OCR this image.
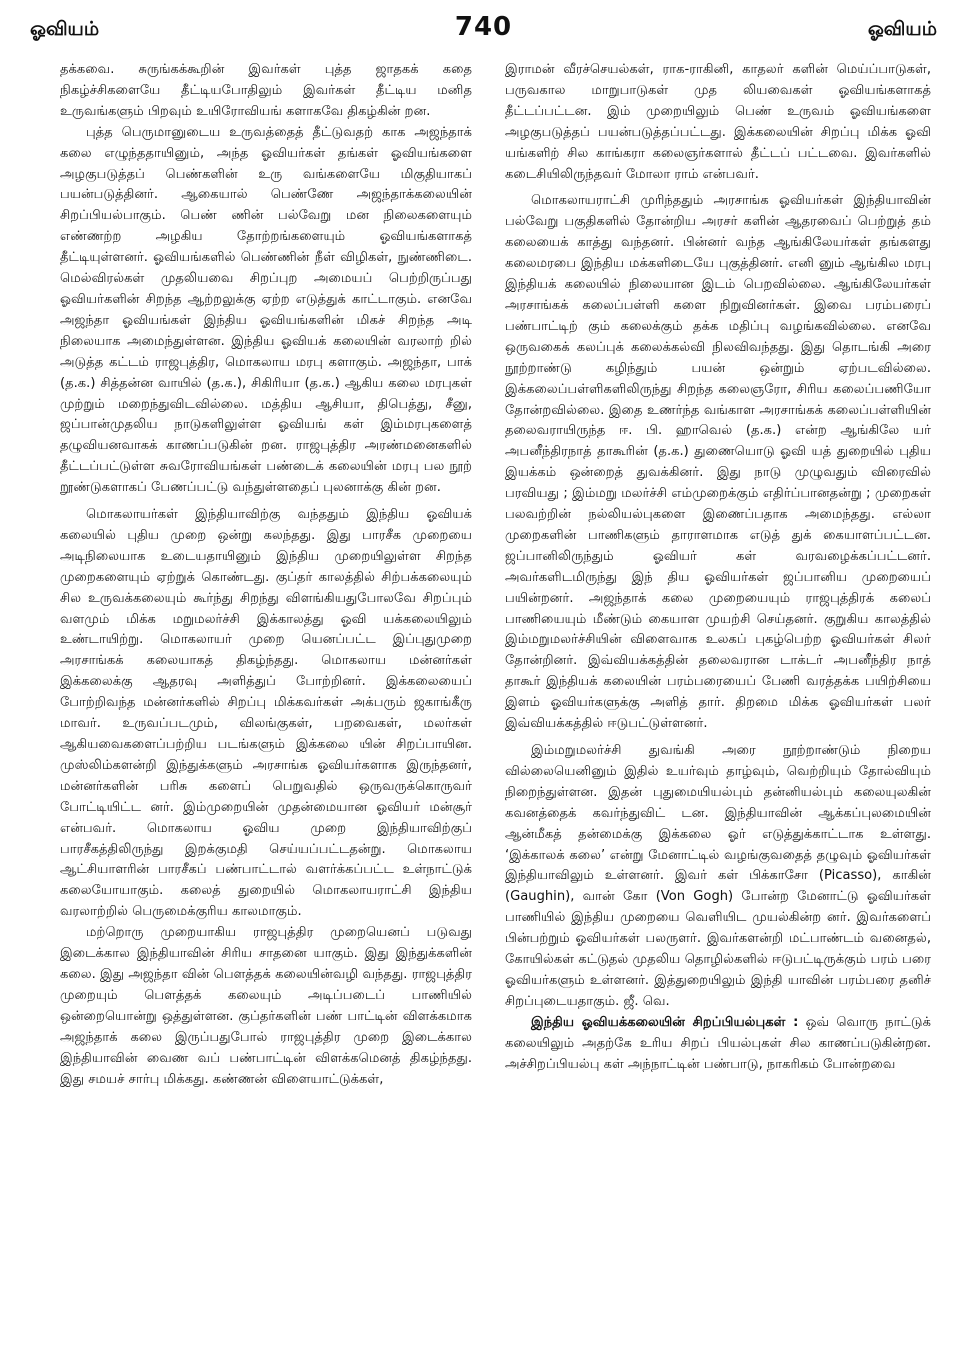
ஓவியம்	740	ஓவியம்

தக்கவை. சுருங்கக்கூறின் இவர்கள் புத்த ஜாதகக் கதை நிகழ்ச்சிகளையே தீட்டியபோதிலும் இவர்கள் தீட்டிய மனித உருவங்களும் பிறவும் உயிரோவியங் களாகவே திகழ்கின் றன.

புத்த பெருமானுடைய உருவத்தைத் தீட்டுவதற் காக அஜந்தாக் கலை எழுந்ததாயினும், அந்த ஓவியர்கள் தங்கள் ஓவியங்களை அழகுபடுத்தப் பெண்களின் உரு வங்களையே மிகுதியாகப் பயன்படுத்தினர். ஆகையால் பெண்ணே அஜந்தாக்கலையின் சிறப்பியல்பாகும். பெண் ணின் பல்வேறு மன நிலைகளையும் எண்ணற்ற அழகிய தோற்றங்களையும் ஓவியங்களாகத் தீட்டியுள்ளனர். ஓவியங்களில் பெண்ணின் நீள் விழிகள், நுண்ணிடை. மெல்விரல்கள் முதலியவை சிறப்புற அமையப் பெற்றிருப்பது ஓவியர்களின் சிறந்த ஆற்றலுக்கு ஏற்ற எடுத்துக் காட்டாகும். எனவே அஜந்தா ஓவியங்கள் இந்திய ஓவியங்களின் மிகச் சிறந்த அடி நிலையாக அமைந்துள்ளன. இந்திய ஓவியக் கலையின் வரலாற் றில் அடுத்த கட்டம் ராஜபுத்திர, மொகலாய மரபு களாகும். அஜந்தா, பாக் (த.க.) சித்தன்ன வாயில் (த.க.), சிகிரியா (த.க.) ஆகிய கலை மரபுகள் முற்றும் மறைந்துவிடவில்லை. மத்திய ஆசியா, திபெத்து, சீனு, ஜப்பான்முதலிய நாடுகளிலுள்ள ஓவியங் கள் இம்மரபுகளைத் தழுவியனவாகக் காணப்படுகின் றன. ராஜபுத்திர அரண்மனைகளில் தீட்டப்பட்டுள்ள சுவரோவியங்கள் பண்டைக் கலையின் மரபு பல நூற் றூண்டுகளாகப் பேணப்பட்டு வந்துள்ளதைப் புலனாக்கு கின் றன.

மொகலாயர்கள் இந்தியாவிற்கு வந்ததும் இந்திய ஓவியக் கலையில் புதிய முறை ஒன்று கலந்தது. இது பாரசீக முறையை அடிநிலையாக உடையதாயினும் இந்திய முறையிலுள்ள சிறந்த முறைகளையும் ஏற்றுக் கொண்டது. குப்தர் காலத்தில் சிற்பக்கலையும் சில உருவக்கலையும் கூர்ந்து சிறந்து விளங்கியதுபோலவே சிறப்பும் வளமும் மிக்க மறுமலர்ச்சி இக்காலத்து ஓவி யக்கலையிலும் உண்டாயிற்று. மொகலாயர் முறை யெனப்பட்ட இப்புதுமுறை அரசாங்கக் கலையாகத் திகழ்ந்தது. மொகலாய மன்னர்கள் இக்கலைக்கு ஆதரவு அளித்துப் போற்றினர். இக்கலையைப் போற்றிவந்த மன்னர்களில் சிறப்பு மிக்கவர்கள் அக்பரும் ஜகாங்கீரு மாவர். உருவப்படமும், விலங்குகள், பறவைகள், மலர்கள் ஆகியவைகளைப்பற்றிய படங்களும் இக்கலை யின் சிறப்பாயின. முஸ்லிம்களன்றி இந்துக்களும் அரசாங்க ஓவியர்களாக இருந்தனர், மன்னர்களின் பரிசு களைப் பெறுவதில் ஒருவருக்கொருவர் போட்டியிட்ட னர். இம்முறையின் முதன்மையான ஓவியர் மன்சூர் என்பவர். மொகலாய ஓவிய முறை இந்தியாவிற்குப் பாரசீகத்திலிருந்து இறக்குமதி செய்யப்பட்டதன்று. மொகலாய ஆட்சியாளரின் பாரசீகப் பண்பாட்டால் வளர்க்கப்பட்ட உள்நாட்டுக் கலையோயாகும். கலைத் துறையில் மொகலாயராட்சி இந்திய வரலாற்றில் பெருமைக்குரிய காலமாகும்.

மற்றொரு முறையாகிய ராஜபுத்திர முறையெனப் படுவது இடைக்கால இந்தியாவின் சிரிய சாதனை யாகும். இது இந்துக்களின் கலை. இது அஜந்தா வின் பௌத்தக் கலையின்வழி வந்தது. ராஜபுத்திர முறையும் பௌத்தக் கலையும் அடிப்படைப் பாணியில் ஒன்றையொன்று ஒத்துள்ளன. குப்தர்களின் பண் பாட்டின் விளக்கமாக அஜந்தாக் கலை இருப்பதுபோல் ராஜபுத்திர முறை இடைக்கால இந்தியாவின் வைண வப் பண்பாட்டின் விளக்கமெனத் திகழ்ந்தது. இது சமயச் சார்பு மிக்கது. கண்ணன் விளையாட்டுக்கள்,

இராமன் வீரச்செயல்கள், ராக-ராகினி, காதலர் களின் மெய்ப்பாடுகள், பருவகால மாறுபாடுகள் முத லியவைகள் ஓவியங்களாகத் தீட்டப்பட்டன. இம் முறையிலும் பெண் உருவம் ஓவியங்களை அழகுபடுத்தப் பயன்படுத்தப்பட்டது. இக்கலையின் சிறப்பு மிக்க ஓவி யங்களிற் சில காங்கரா கலைஞர்களால் தீட்டப் பட்டவை. இவர்களில் கடைசியிலிருந்தவர் மோலா ராம் என்பவர்.

மொகலாயராட்சி முரிந்ததும் அரசாங்க ஓவியர்கள் இந்தியாவின் பல்வேறு பகுதிகளில் தோன்றிய அரசர் களின் ஆதரவைப் பெற்றுத் தம் கலையைக் காத்து வந்தனர். பின்னர் வந்த ஆங்கிலேயர்கள் தங்களது கலைமரபை இந்திய மக்களிடையே புகுத்தினர். எனி னும் ஆங்கில மரபு இந்தியக் கலையில் நிலையான இடம் பெறவில்லை. ஆங்கிலேயர்கள் அரசாங்கக் கலைப்பள்ளி களை நிறுவினர்கள். இவை பரம்பரைப் பண்பாட்டிற் கும் கலைக்கும் தக்க மதிப்பு வழங்கவில்லை. எனவே ஒருவகைக் கலப்புக் கலைக்கல்வி நிலவிவந்தது. இது தொடங்கி அரை நூற்றாண்டு கழிந்தும் பயன் ஒன்றும் ஏற்படவில்லை. இக்கலைப்பள்ளிகளிலிருந்து சிறந்த கலைஞரோ, சிரிய கலைப்பணியோ தோன்றவில்லை. இதை உணர்ந்த வங்காள அரசாங்கக் கலைப்பள்ளியின் தலைவராயிருந்த ஈ. பி. ஹாவெல் (த.க.) என்ற ஆங்கிலே யர் அபனீந்திரநாத் தாகூரின் (த.க.) துணையொடு ஓவி யத் துறையில் புதிய இயக்கம் ஒன்றைத் துவக்கினர். இது நாடு முழுவதும் விரைவில் பரவியது ; இம்மறு மலர்ச்சி எம்முறைக்கும் எதிர்ப்பானதன்று ; முறைகள் பலவற்றின் நல்லியல்புகளை இணைப்பதாக அமைந்தது. எல்லா முறைகளின் பாணிகளும் தாராளமாக எடுத் துக் கையாளப்பட்டன. ஜப்பானிலிருந்தும் ஓவியர் கள் வரவழைக்கப்பட்டனர். அவர்களிடமிருந்து இந் திய ஓவியர்கள் ஜப்பானிய முறையைப் பயின்றனர். அஜந்தாக் கலை முறையையும் ராஜபுத்திரக் கலைப் பாணியையும் மீண்டும் கையாள முயற்சி செய்தனர். குறுகிய காலத்தில் இம்மறுமலர்ச்சியின் விளைவாக உலகப் புகழ்பெற்ற ஓவியர்கள் சிலர் தோன்றினர். இவ்வியக்கத்தின் தலைவரான டாக்டர் அபனீந்திர நாத் தாகூர் இந்தியக் கலையின் பரம்பரையைப் பேணி வரத்தக்க பயிற்சியை இளம் ஓவியர்களுக்கு அளித் தார். திறமை மிக்க ஓவியர்கள் பலர் இவ்வியக்கத்தில் ஈடுபட்டுள்ளனர்.

இம்மறுமலர்ச்சி துவங்கி அரை நூற்றாண்டும் நிறைய வில்லையெனினும் இதில் உயர்வும் தாழ்வும், வெற்றியும் தோல்வியும் நிறைந்துள்ளன. இதன் புதுமையியல்பும் தன்னியல்பும் கலையுலகின் கவனத்தைக் கவர்ந்துவிட் டன. இந்தியாவின் ஆக்கப்புலமையின் ஆன்மீகத் தன்மைக்கு இக்கலை ஓர் எடுத்துக்காட்டாக உள்ளது. ‘இக்காலக் கலை’ என்று மேனாட்டில் வழங்குவதைத் தழுவும் ஓவியர்கள் இந்தியாவிலும் உள்ளனர். இவர் கள் பிக்காசோ (Picasso), காகின் (Gaughin), வான் கோ (Von Gogh) போன்ற மேனாட்டு ஓவியர்கள் பாணியில் இந்திய முறையை வெளியிட முயல்கின்ற னர். இவர்களைப் பின்பற்றும் ஓவியர்கள் பலருளர். இவர்களன்றி மட்பாண்டம் வனைதல், கோயில்கள் கட்டுதல் முதலிய தொழில்களில் ஈடுபட்டிருக்கும் பரம் பரை ஓவியர்களும் உள்ளனர். இத்துறையிலும் இந்தி யாவின் பரம்பரை தனிச் சிறப்புடையதாகும். ஜீ. வெ.

இந்திய ஓவியக்கலையின் சிறப்பியல்புகள் : ஒவ் வொரு நாட்டுக் கலையிலும் அதற்கே உரிய சிறப் பியல்புகள் சில காணப்படுகின்றன. அச்சிறப்பியல்பு கள் அந்நாட்டின் பண்பாடு, நாகரிகம் போன்றவை
